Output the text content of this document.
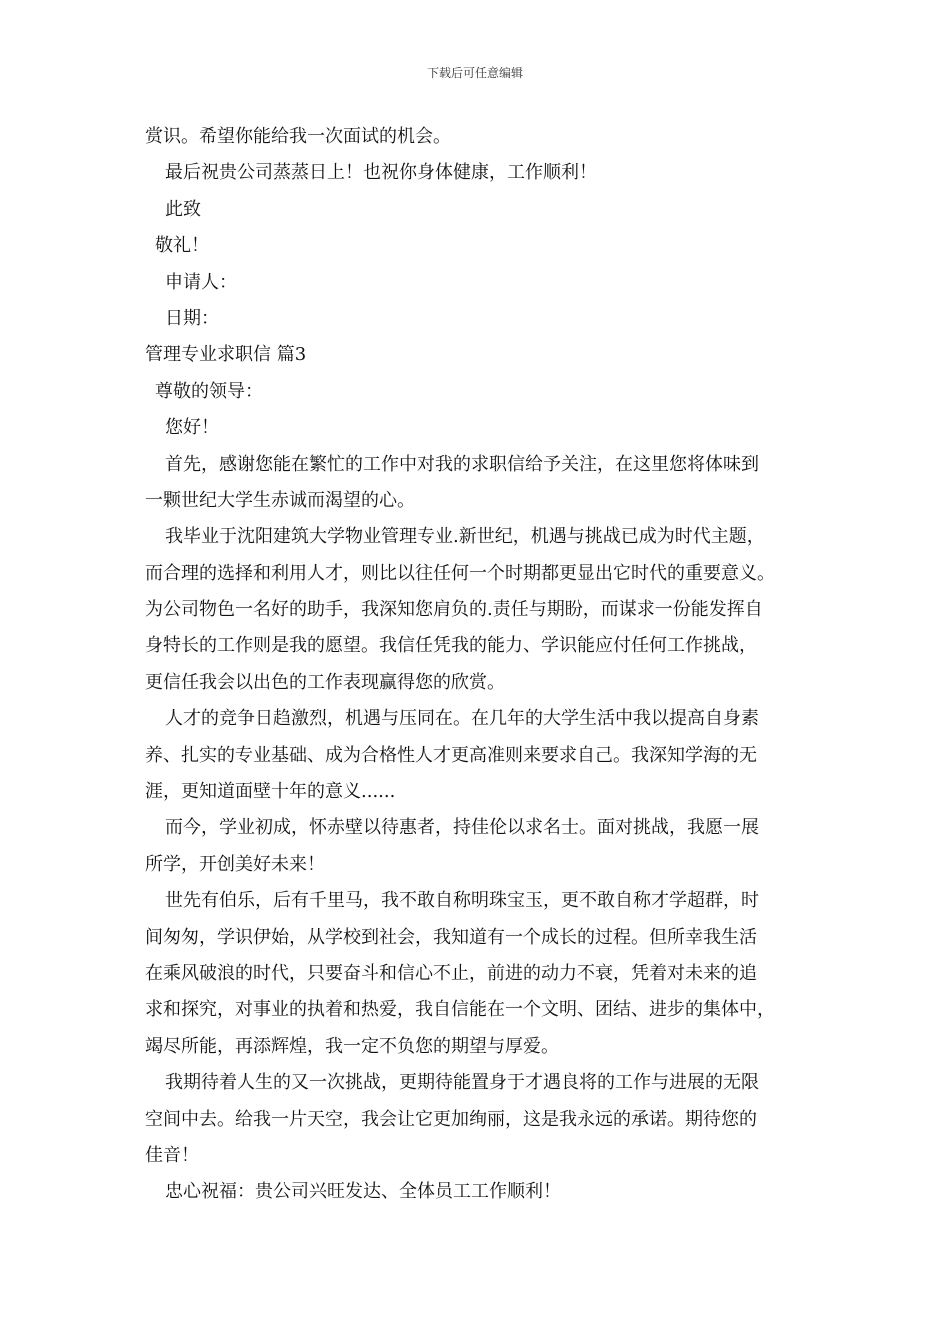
下载后可任意编辑
赏识。希望你能给我一次面试的机会。
最后祝贵公司蒸蒸日上！也祝你身体健康，工作顺利！
此致
敬礼！
申请人：
日期：
管理专业求职信 篇3
尊敬的领导：
您好！
首先，感谢您能在繁忙的工作中对我的求职信给予关注，在这里您将体味到
一颗世纪大学生赤诚而渴望的心。
我毕业于沈阳建筑大学物业管理专业.新世纪，机遇与挑战已成为时代主题，
而合理的选择和利用人才，则比以往任何一个时期都更显出它时代的重要意义。
为公司物色一名好的助手，我深知您肩负的.责任与期盼，而谋求一份能发挥自
身特长的工作则是我的愿望。我信任凭我的能力、学识能应付任何工作挑战，
更信任我会以出色的工作表现赢得您的欣赏。
人才的竞争日趋激烈，机遇与压同在。在几年的大学生活中我以提高自身素
养、扎实的专业基础、成为合格性人才更高准则来要求自己。我深知学海的无
涯，更知道面壁十年的意义......
而今，学业初成，怀赤壁以待惠者，持佳伦以求名士。面对挑战，我愿一展
所学，开创美好未来！
世先有伯乐，后有千里马，我不敢自称明珠宝玉，更不敢自称才学超群，时
间匆匆，学识伊始，从学校到社会，我知道有一个成长的过程。但所幸我生活
在乘风破浪的时代，只要奋斗和信心不止，前进的动力不衰，凭着对未来的追
求和探究，对事业的执着和热爱，我自信能在一个文明、团结、进步的集体中，
竭尽所能，再添辉煌，我一定不负您的期望与厚爱。
我期待着人生的又一次挑战，更期待能置身于才遇良将的工作与进展的无限
空间中去。给我一片天空，我会让它更加绚丽，这是我永远的承诺。期待您的
佳音！
忠心祝福：贵公司兴旺发达、全体员工工作顺利！
